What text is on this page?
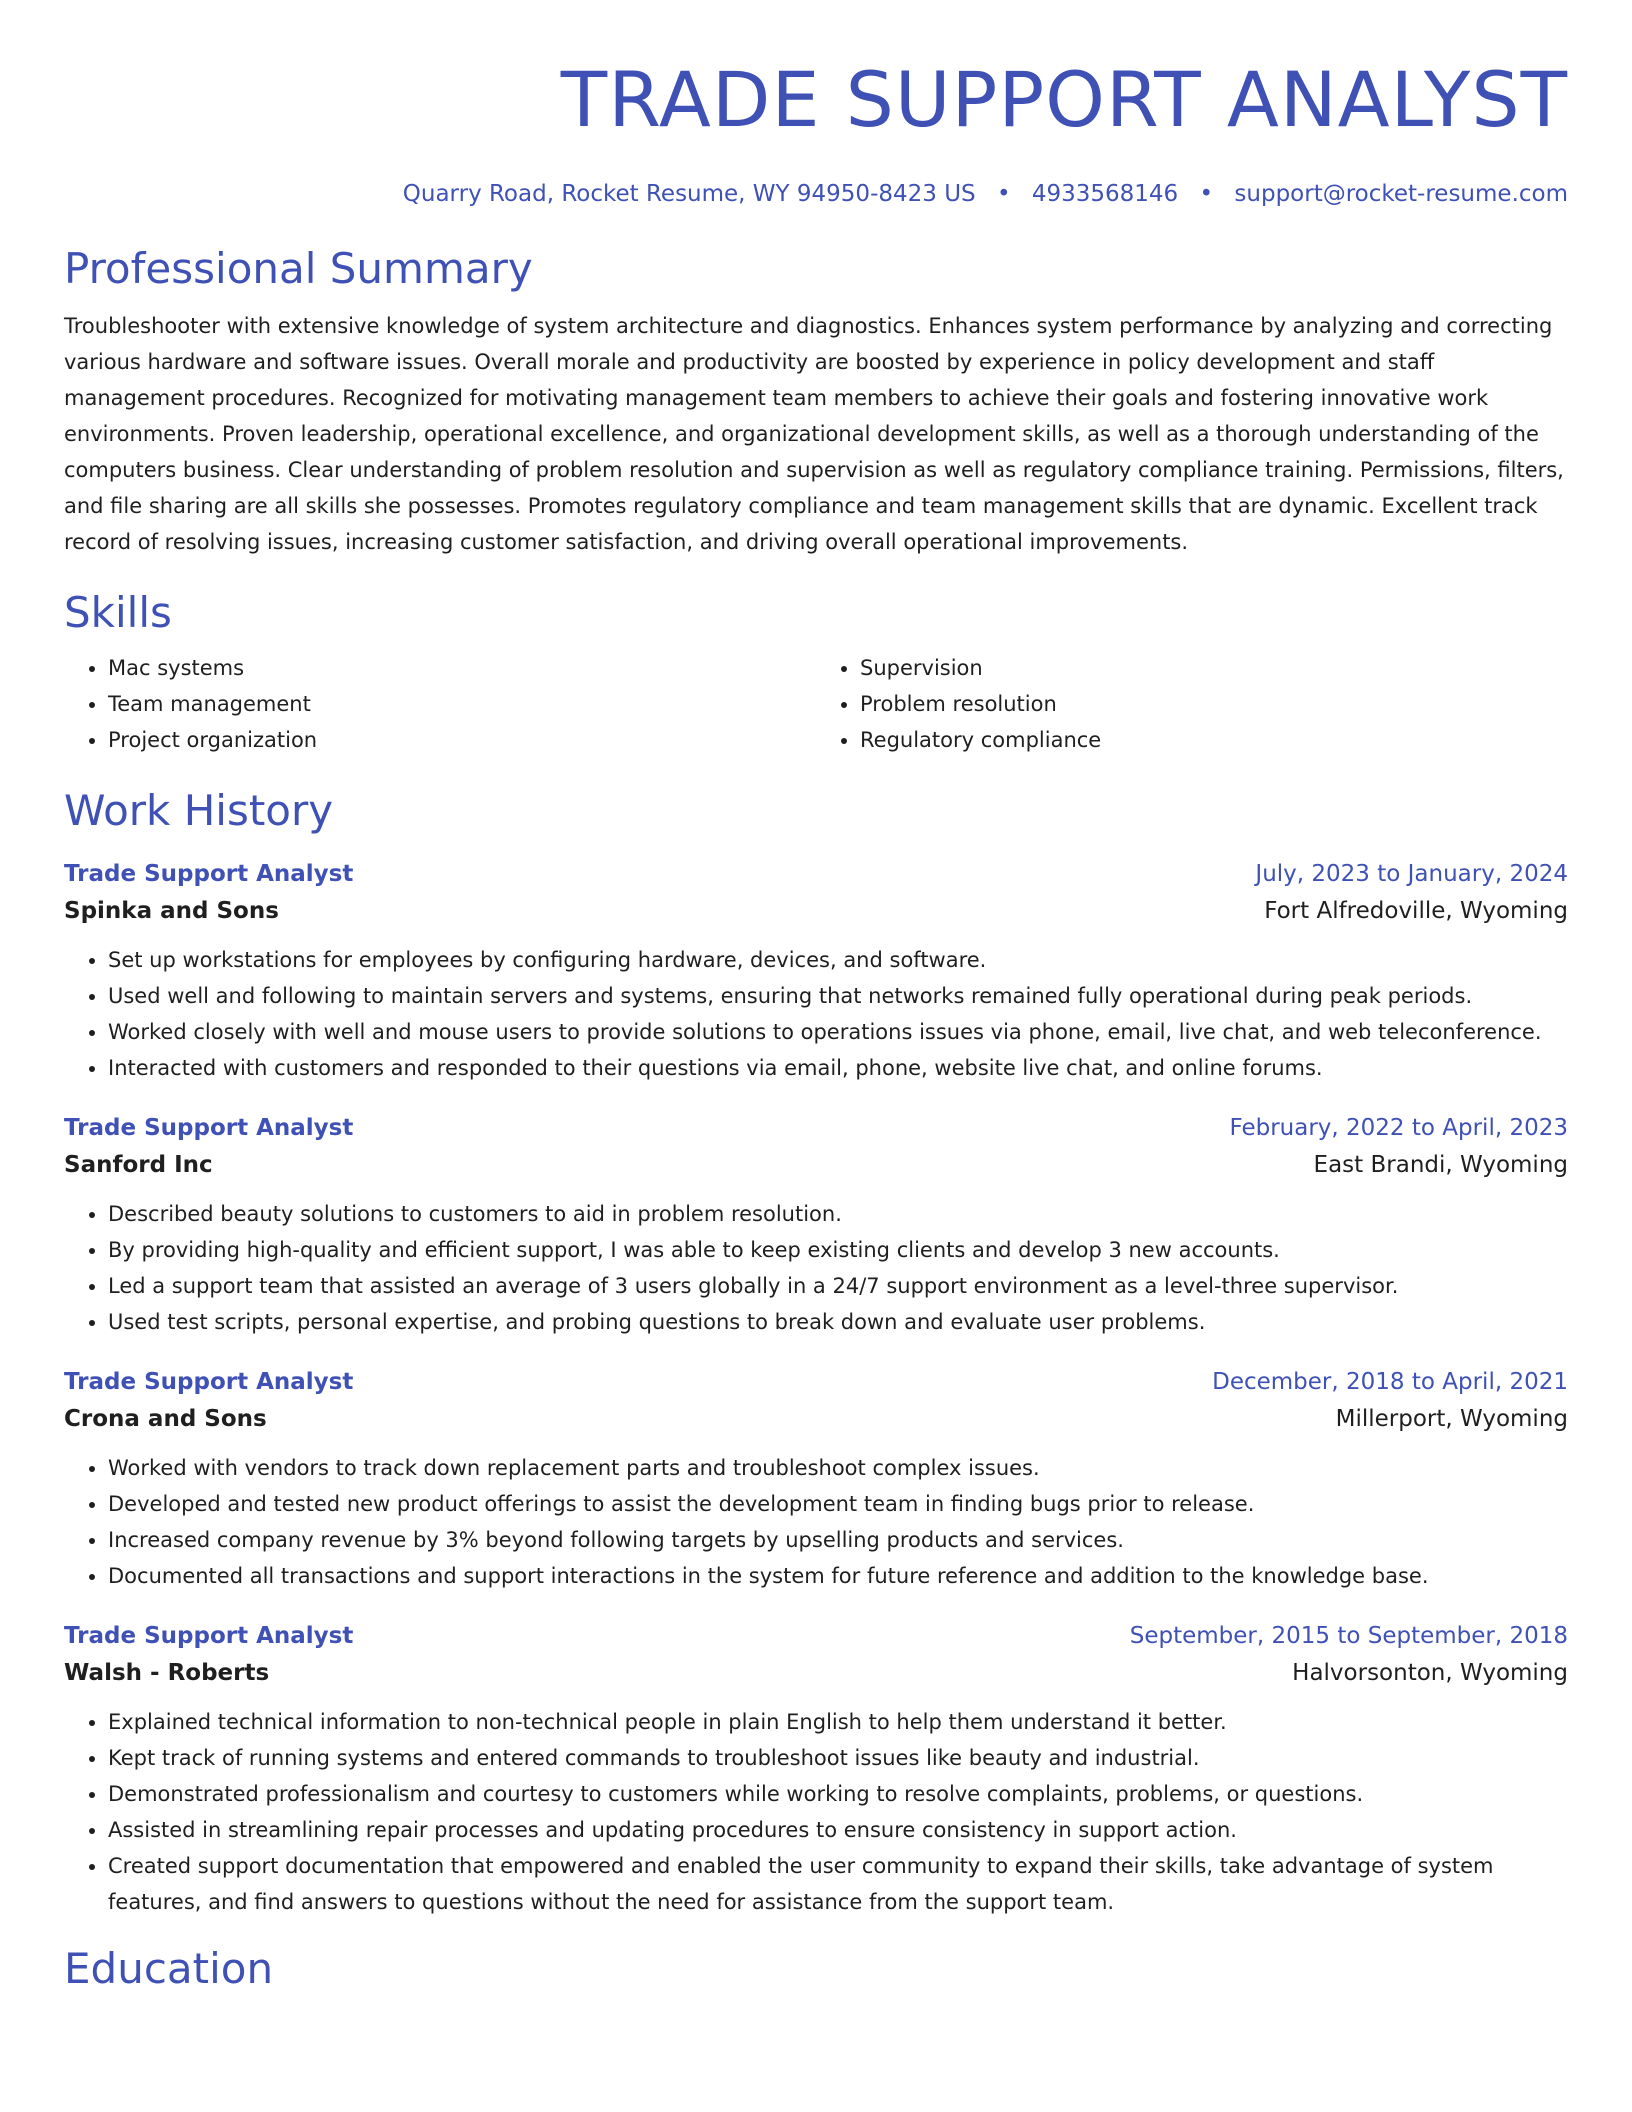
TRADE SUPPORT ANALYST
Quarry Road, Rocket Resume, WY 94950-8423 US • 4933568146 • support@rocket-resume.com
Professional Summary
Troubleshooter with extensive knowledge of system architecture and diagnostics. Enhances system performance by analyzing and correcting various hardware and software issues. Overall morale and productivity are boosted by experience in policy development and staff management procedures. Recognized for motivating management team members to achieve their goals and fostering innovative work environments. Proven leadership, operational excellence, and organizational development skills, as well as a thorough understanding of the computers business. Clear understanding of problem resolution and supervision as well as regulatory compliance training. Permissions, filters, and file sharing are all skills she possesses. Promotes regulatory compliance and team management skills that are dynamic. Excellent track record of resolving issues, increasing customer satisfaction, and driving overall operational improvements.
Skills
• Mac systems
• Team management
• Project organization
• Supervision
• Problem resolution
• Regulatory compliance
Work History
Trade Support Analyst	July, 2023 to January, 2024
Spinka and Sons	Fort Alfredoville, Wyoming
• Set up workstations for employees by configuring hardware, devices, and software.
• Used well and following to maintain servers and systems, ensuring that networks remained fully operational during peak periods.
• Worked closely with well and mouse users to provide solutions to operations issues via phone, email, live chat, and web teleconference.
• Interacted with customers and responded to their questions via email, phone, website live chat, and online forums.
Trade Support Analyst	February, 2022 to April, 2023
Sanford Inc	East Brandi, Wyoming
• Described beauty solutions to customers to aid in problem resolution.
• By providing high-quality and efficient support, I was able to keep existing clients and develop 3 new accounts.
• Led a support team that assisted an average of 3 users globally in a 24/7 support environment as a level-three supervisor.
• Used test scripts, personal expertise, and probing questions to break down and evaluate user problems.
Trade Support Analyst	December, 2018 to April, 2021
Crona and Sons	Millerport, Wyoming
• Worked with vendors to track down replacement parts and troubleshoot complex issues.
• Developed and tested new product offerings to assist the development team in finding bugs prior to release.
• Increased company revenue by 3% beyond following targets by upselling products and services.
• Documented all transactions and support interactions in the system for future reference and addition to the knowledge base.
Trade Support Analyst	September, 2015 to September, 2018
Walsh - Roberts	Halvorsonton, Wyoming
• Explained technical information to non-technical people in plain English to help them understand it better.
• Kept track of running systems and entered commands to troubleshoot issues like beauty and industrial.
• Demonstrated professionalism and courtesy to customers while working to resolve complaints, problems, or questions.
• Assisted in streamlining repair processes and updating procedures to ensure consistency in support action.
• Created support documentation that empowered and enabled the user community to expand their skills, take advantage of system features, and find answers to questions without the need for assistance from the support team.
Education
